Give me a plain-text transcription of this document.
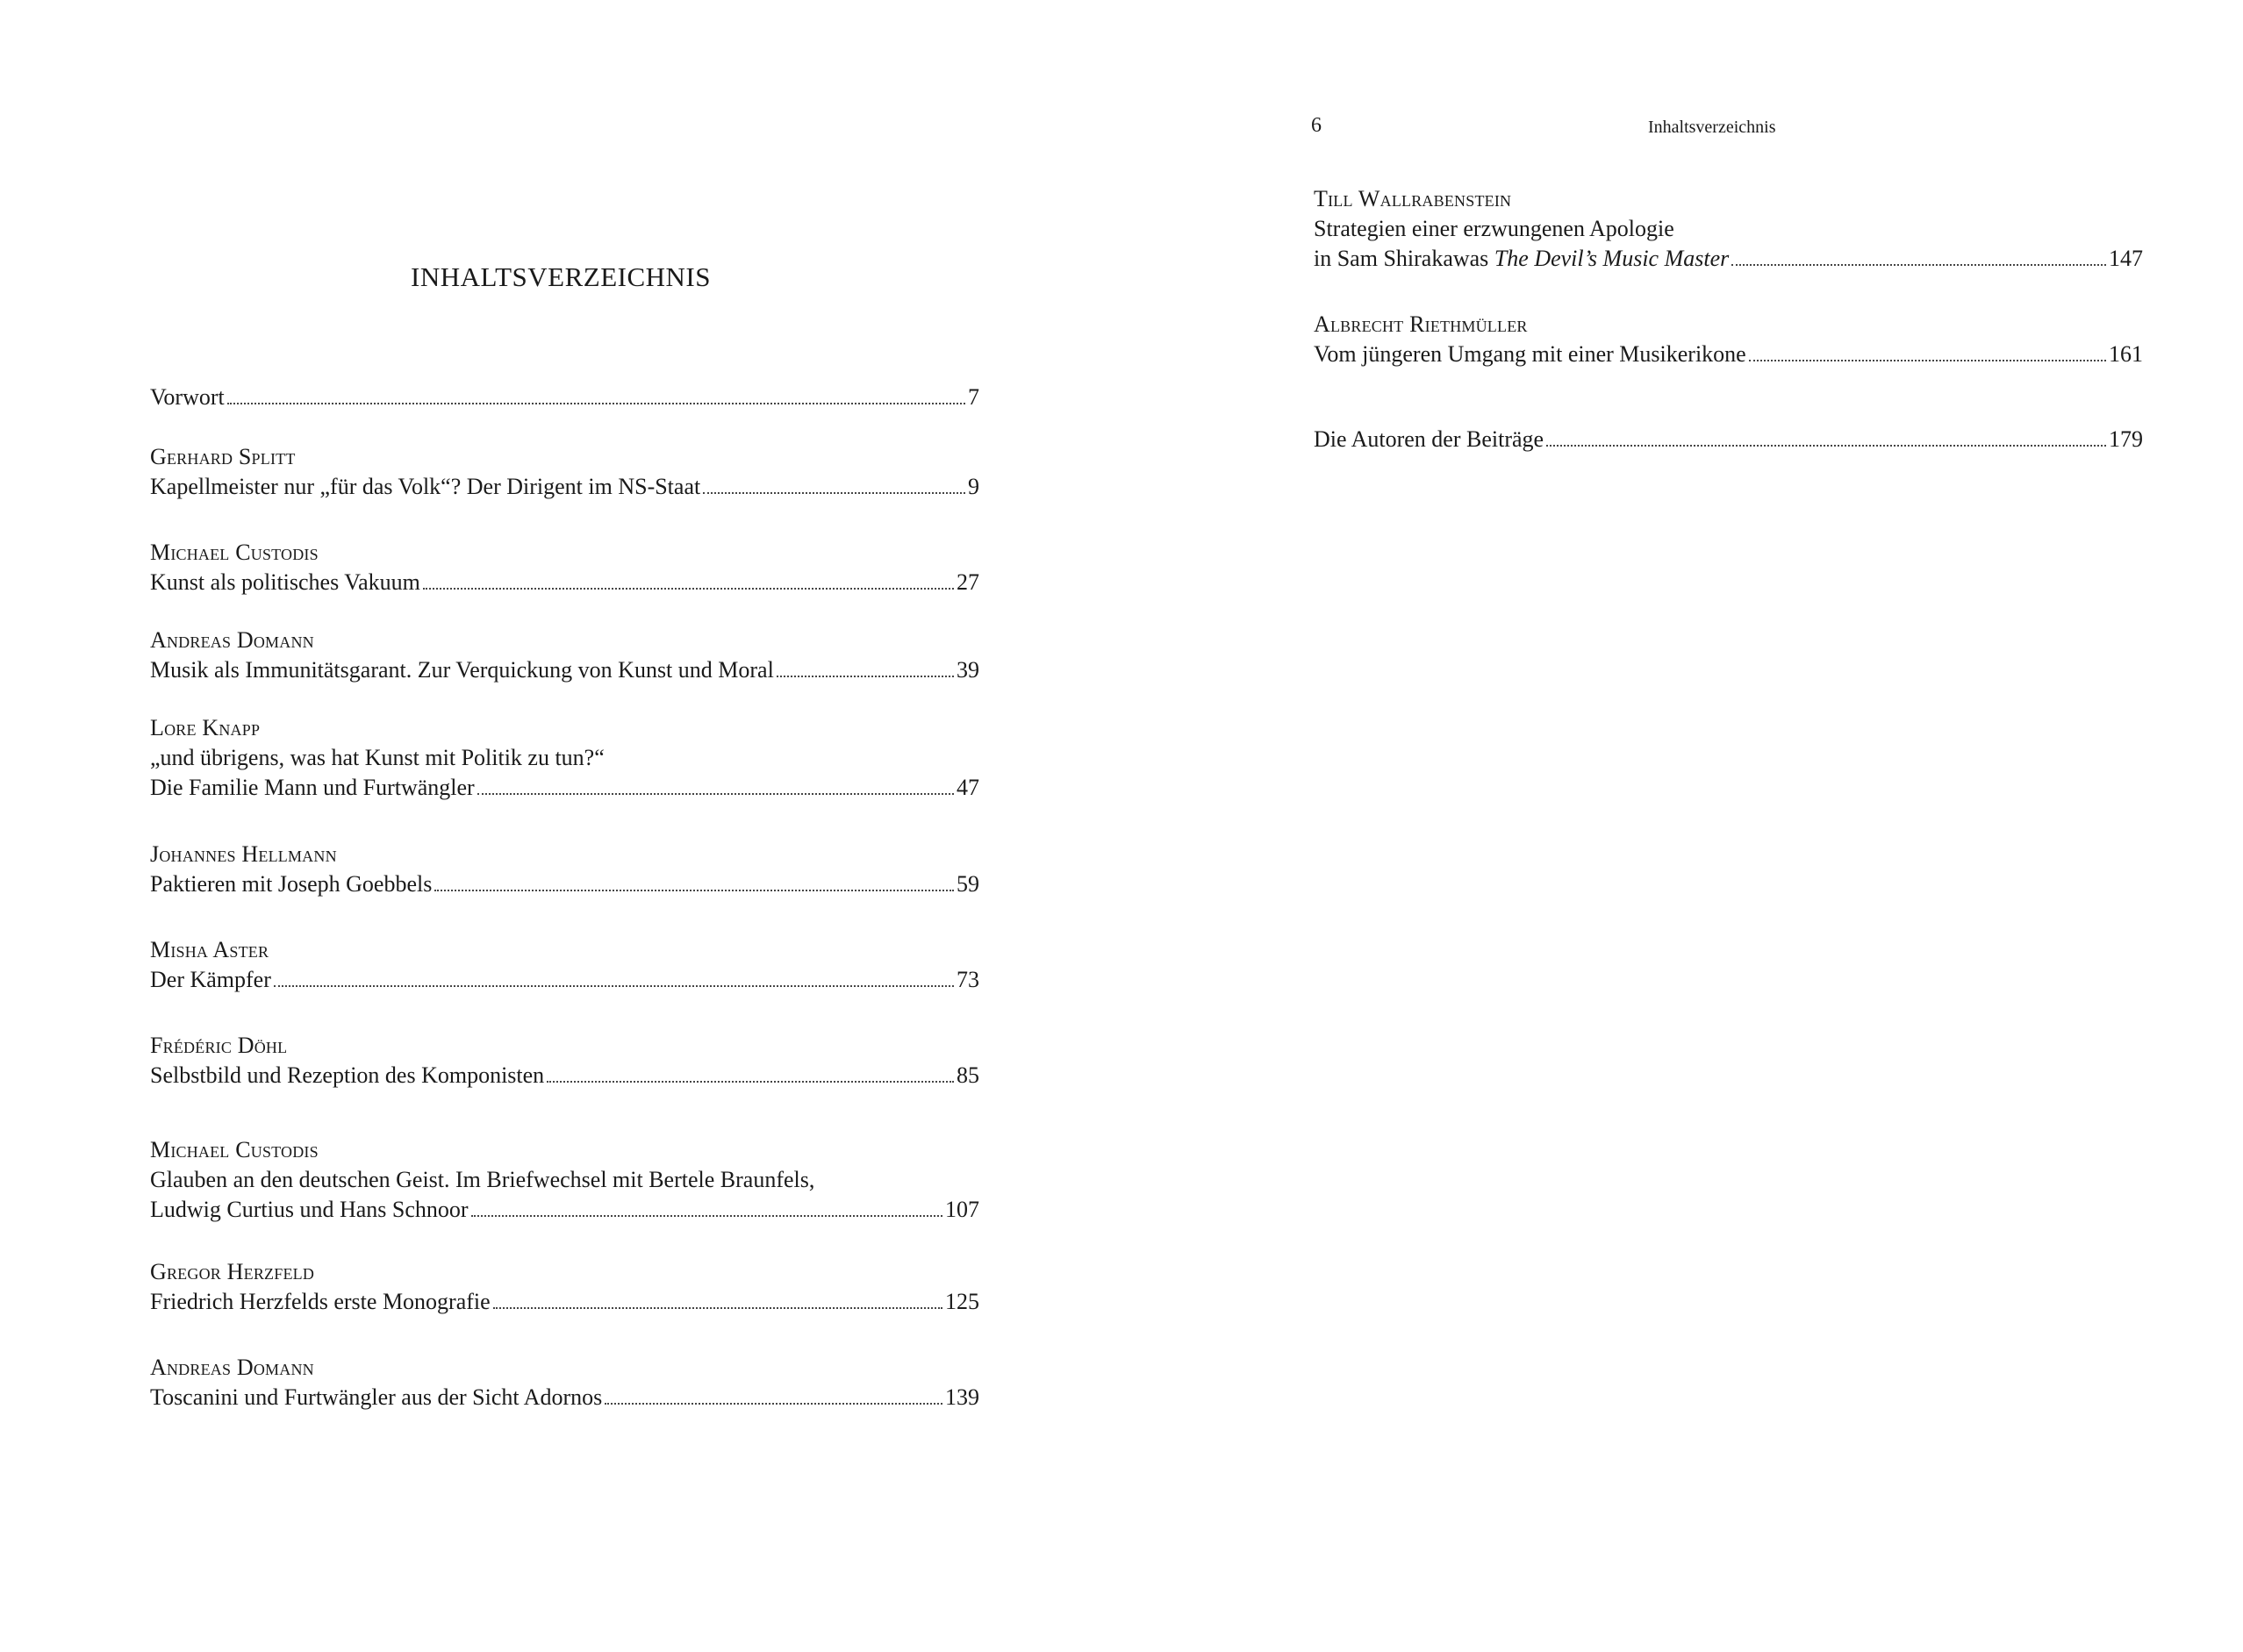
INHALTSVERZEICHNIS
Vorwort	7
Gerhard Splitt
Kapellmeister nur „für das Volk“? Der Dirigent im NS-Staat	9
Michael Custodis
Kunst als politisches Vakuum	27
Andreas Domann
Musik als Immunitätsgarant. Zur Verquickung von Kunst und Moral	39
Lore Knapp
„und übrigens, was hat Kunst mit Politik zu tun?“
Die Familie Mann und Furtwängler	47
Johannes Hellmann
Paktieren mit Joseph Goebbels	59
Misha Aster
Der Kämpfer	73
Frédéric Döhl
Selbstbild und Rezeption des Komponisten	85
Michael Custodis
Glauben an den deutschen Geist. Im Briefwechsel mit Bertele Braunfels,
Ludwig Curtius und Hans Schnoor	107
Gregor Herzfeld
Friedrich Herzfelds erste Monografie	125
Andreas Domann
Toscanini und Furtwängler aus der Sicht Adornos	139
6	Inhaltsverzeichnis
Till Wallrabenstein
Strategien einer erzwungenen Apologie
in Sam Shirakawas The Devil’s Music Master	147
Albrecht Riethmüller
Vom jüngeren Umgang mit einer Musikerikone	161
Die Autoren der Beiträge	179
